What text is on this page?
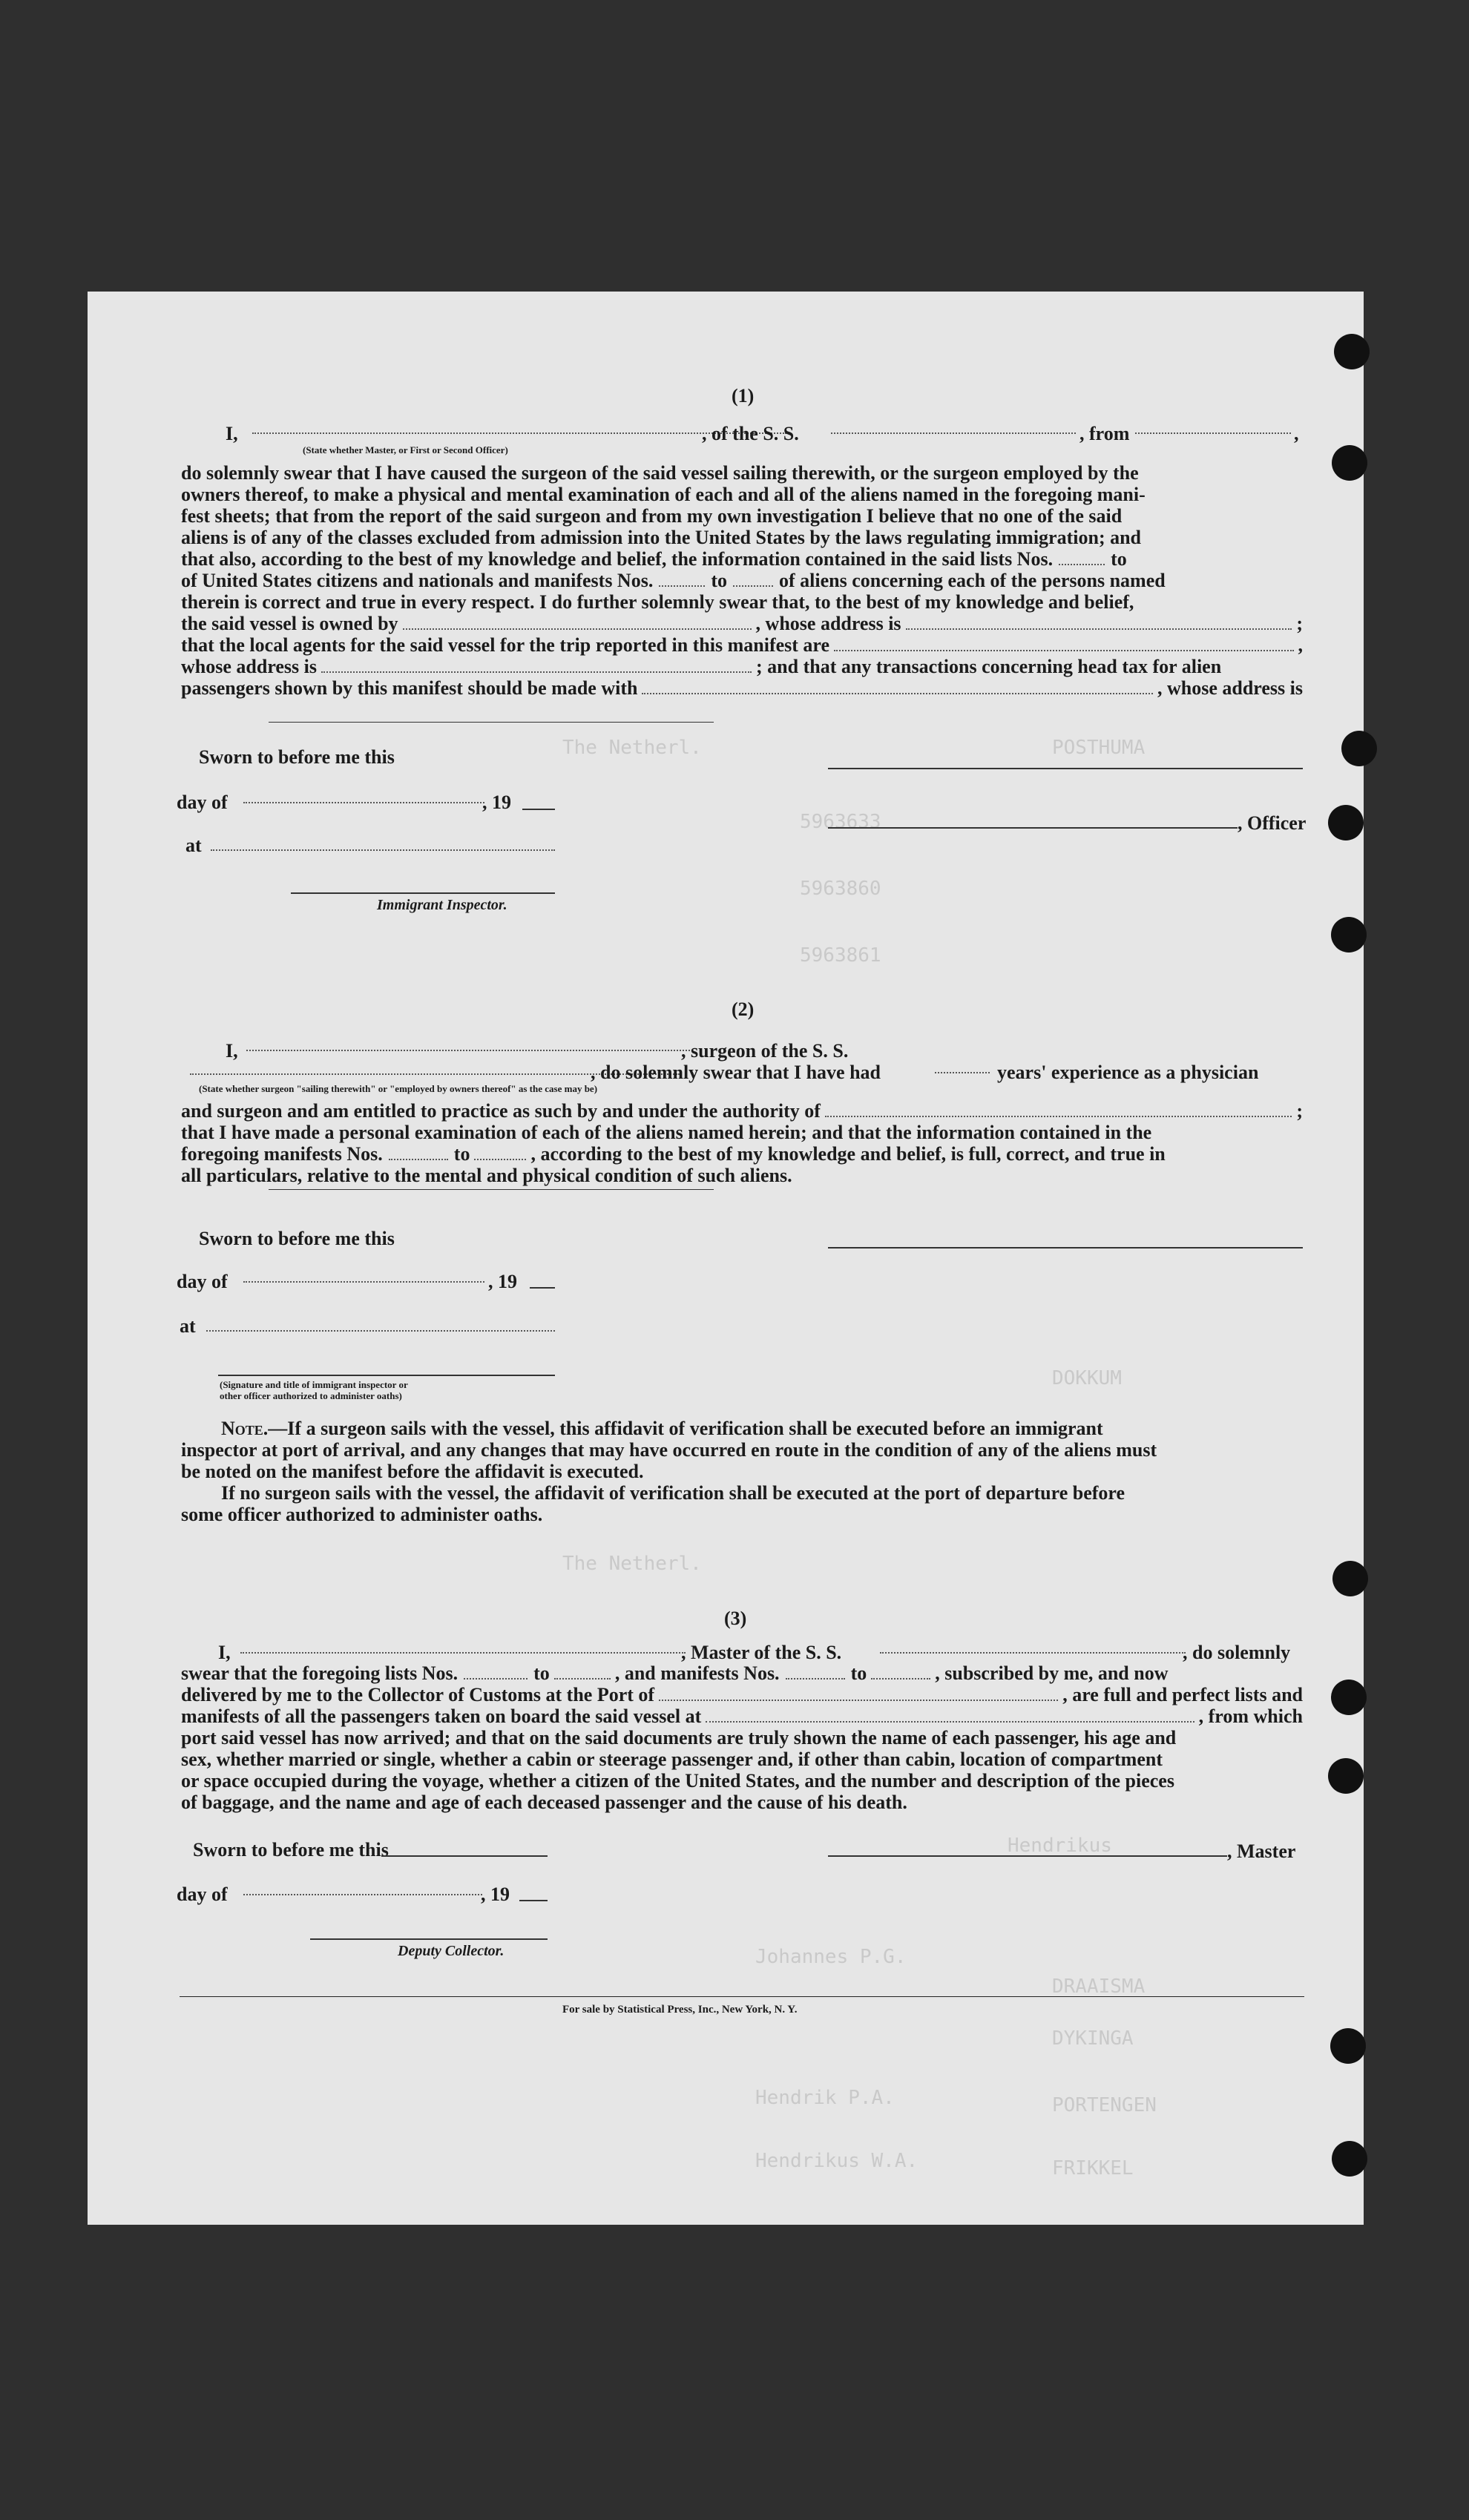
The Netherl.
5963633
5963860
5963861
The Netherl.
Hendrikus
Johannes P.G.
Hendrik P.A.
Hendrikus W.A.
POSTHUMA
DOKKUM
DRAAISMA
DYKINGA
PORTENGEN
FRIKKEL
(1)
I,	, of the S. S.	, from	,
(State whether Master, or First or Second Officer)
do solemnly swear that I have caused the surgeon of the said vessel sailing therewith, or the surgeon employed by the
owners thereof, to make a physical and mental examination of each and all of the aliens named in the foregoing mani-
fest sheets; that from the report of the said surgeon and from my own investigation I believe that no one of the said
aliens is of any of the classes excluded from admission into the United States by the laws regulating immigration; and
that also, according to the best of my knowledge and belief, the information contained in the said lists Nos.	to
of United States citizens and nationals and manifests Nos.	to	of aliens concerning each of the persons named
therein is correct and true in every respect. I do further solemnly swear that, to the best of my knowledge and belief,
the said vessel is owned by	, whose address is	;
that the local agents for the said vessel for the trip reported in this manifest are	,
whose address is	; and that any transactions concerning head tax for alien
passengers shown by this manifest should be made with	, whose address is
Sworn to before me this
day of	, 19
at
Immigrant Inspector.
, Officer
(2)
I,	, surgeon of the S. S.
, do solemnly swear that I have had	years' experience as a physician
(State whether surgeon "sailing therewith" or "employed by owners thereof" as the case may be)
and surgeon and am entitled to practice as such by and under the authority of	;
that I have made a personal examination of each of the aliens named herein; and that the information contained in the
foregoing manifests Nos.	to	, according to the best of my knowledge and belief, is full, correct, and true in
all particulars, relative to the mental and physical condition of such aliens.
Sworn to before me this
day of	, 19
at
(Signature and title of immigrant inspector or
other officer authorized to administer oaths)
Note.—If a surgeon sails with the vessel, this affidavit of verification shall be executed before an immigrant
inspector at port of arrival, and any changes that may have occurred en route in the condition of any of the aliens must
be noted on the manifest before the affidavit is executed.
If no surgeon sails with the vessel, the affidavit of verification shall be executed at the port of departure before
some officer authorized to administer oaths.
(3)
I,	, Master of the S. S.	, do solemnly
swear that the foregoing lists Nos.	to	, and manifests Nos.	to	, subscribed by me, and now
delivered by me to the Collector of Customs at the Port of	, are full and perfect lists and
manifests of all the passengers taken on board the said vessel at	, from which
port said vessel has now arrived; and that on the said documents are truly shown the name of each passenger, his age and
sex, whether married or single, whether a cabin or steerage passenger and, if other than cabin, location of compartment
or space occupied during the voyage, whether a citizen of the United States, and the number and description of the pieces
of baggage, and the name and age of each deceased passenger and the cause of his death.
Sworn to before me this
day of	, 19
Deputy Collector.
, Master
For sale by Statistical Press, Inc., New York, N. Y.
